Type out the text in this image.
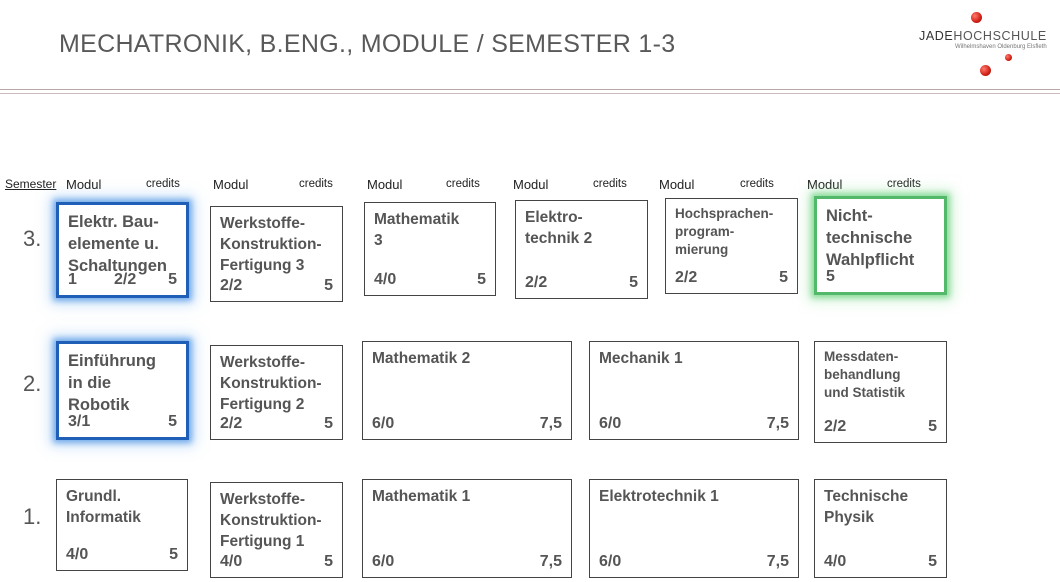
MECHATRONIK, B.ENG., MODULE / SEMESTER 1-3	JADEHOCHSCHULE
Wilhelmshaven Oldenburg Elsfleth
Semester Modul	credits	Modul	credits	Modul	credits	Modul	credits Modul	credits	Modul	credits
3.
Elektr. Bau-
elemente u.
Schaltungen
1 2/2 5
Werkstoffe-
Konstruktion-
Fertigung 3
2/2	5
Mathematik
3
4/0	5
Elektro-
technik 2
2/2	5
Hochsprachen-
program-
mierung
2/2	5
Nicht-
technische
Wahlpflicht
5
2.
Einführung
in die
Robotik
3/1	5
Werkstoffe-
Konstruktion-
Fertigung 2
2/2	5
Mathematik 2
6/0	7,5
Mechanik 1
6/0	7,5
Messdaten-
behandlung
und Statistik
2/2	5
1.
Grundl.
Informatik
4/0	5
Werkstoffe-
Konstruktion-
Fertigung 1
4/0	5
Mathematik 1
6/0	7,5
Elektrotechnik 1
6/0	7,5
Technische
Physik
4/0	5
